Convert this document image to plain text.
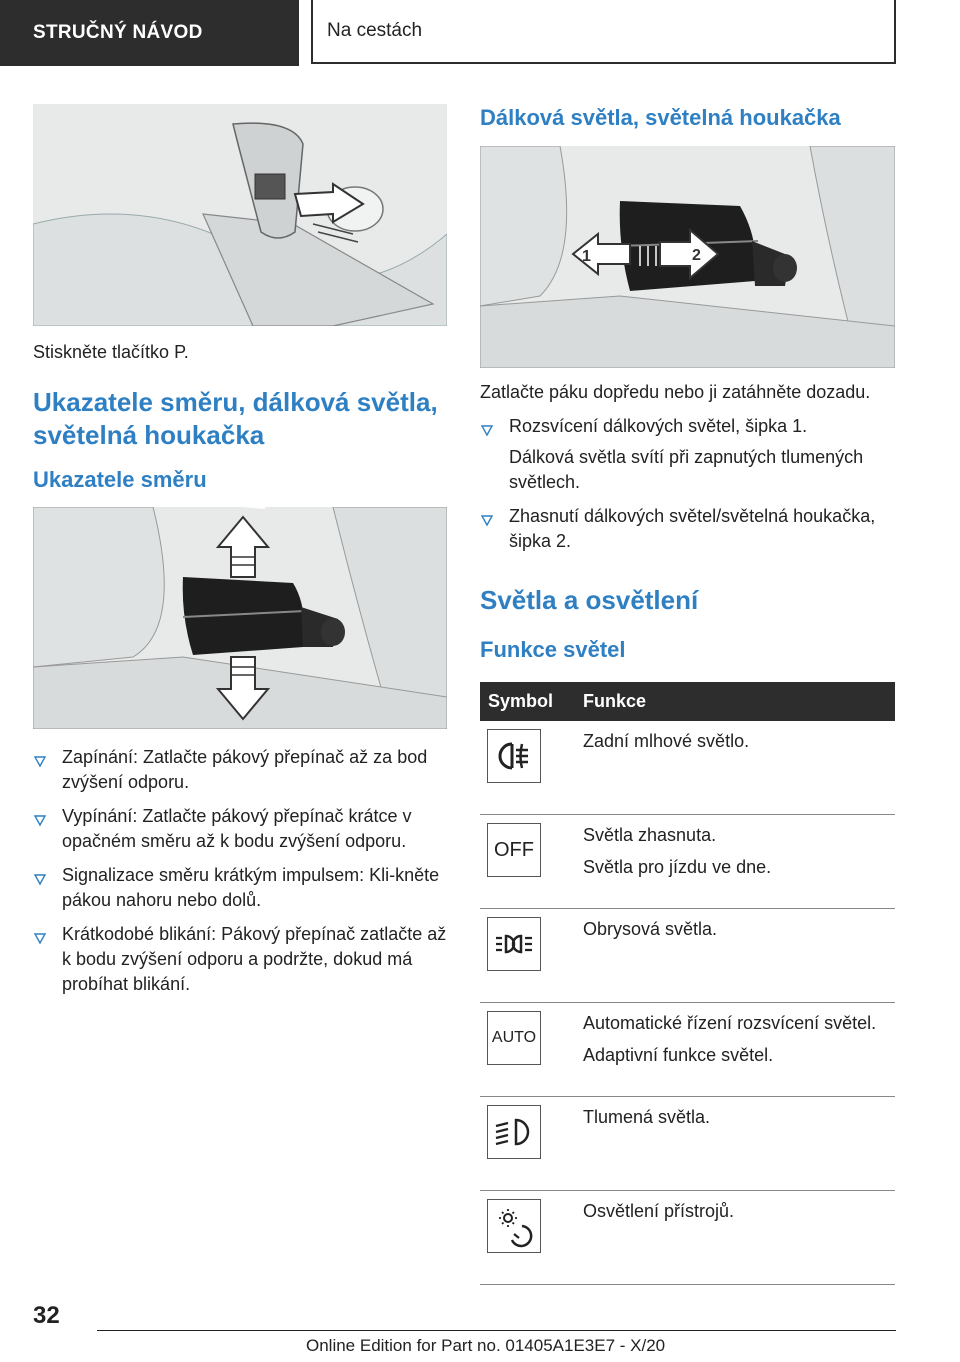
STRUČNÝ NÁVOD	Na cestách

Stiskněte tlačítko P.

Ukazatele směru, dálková světla, světelná houkačka
Ukazatele směru
Zapínání: Zatlačte pákový přepínač až za bod zvýšení odporu.
Vypínání: Zatlačte pákový přepínač krátce v opačném směru až k bodu zvýšení odporu.
Signalizace směru krátkým impulsem: Kli‐kněte pákou nahoru nebo dolů.
Krátkodobé blikání: Pákový přepínač zatlačte až k bodu zvýšení odporu a podržte, dokud má probíhat blikání.
Dálková světla, světelná houkačka
1	2

Zatlačte páku dopředu nebo ji zatáhněte dozadu.

Rozsvícení dálkových světel, šipka 1.
Dálková světla svítí při zapnutých tlumených světlech.
Zhasnutí dálkových světel/světelná houkačka, šipka 2.
Světla a osvětlení
Funkce světel
Symbol	Funkce

Zadní mlhové světlo.

OFF	Světla zhasnuta.
Světla pro jízdu ve dne.

Obrysová světla.

AUTO	Automatické řízení rozsvícení světel.
Adaptivní funkce světel.

Tlumená světla.

Osvětlení přístrojů.
32
Online Edition for Part no. 01405A1E3E7 - X/20
